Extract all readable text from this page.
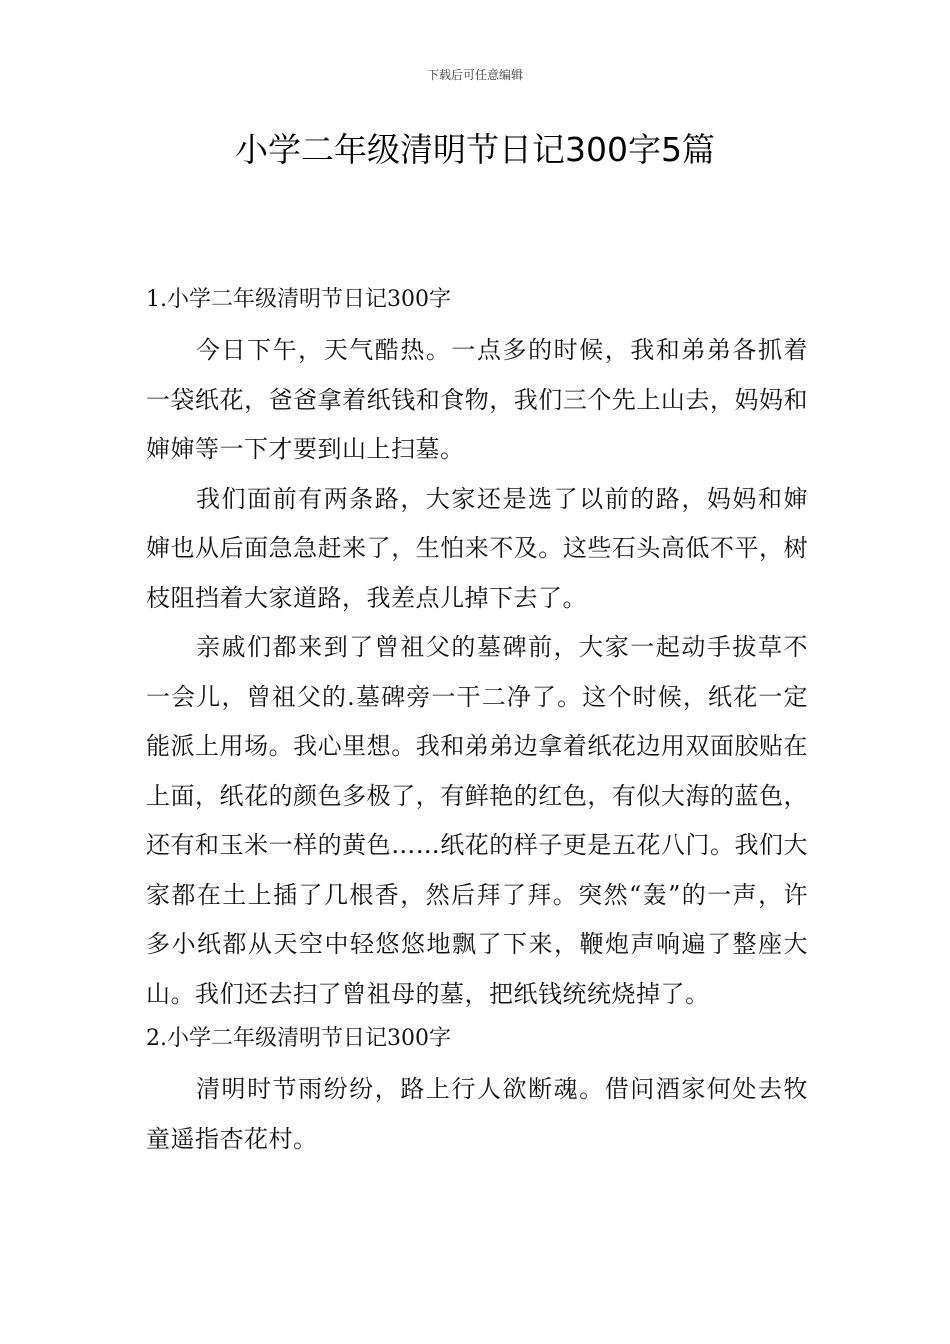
下载后可任意编辑
小学二年级清明节日记300字5篇
1.小学二年级清明节日记300字

今日下午，天气酷热。一点多的时候，我和弟弟各抓着一袋纸花，爸爸拿着纸钱和食物，我们三个先上山去，妈妈和婶婶等一下才要到山上扫墓。

我们面前有两条路，大家还是选了以前的路，妈妈和婶婶也从后面急急赶来了，生怕来不及。这些石头高低不平，树枝阻挡着大家道路，我差点儿掉下去了。

亲戚们都来到了曾祖父的墓碑前，大家一起动手拔草不一会儿，曾祖父的.墓碑旁一干二净了。这个时候，纸花一定能派上用场。我心里想。我和弟弟边拿着纸花边用双面胶贴在上面，纸花的颜色多极了，有鲜艳的红色，有似大海的蓝色，还有和玉米一样的黄色……纸花的样子更是五花八门。我们大家都在土上插了几根香，然后拜了拜。突然“轰”的一声，许多小纸都从天空中轻悠悠地飘了下来，鞭炮声响遍了整座大山。我们还去扫了曾祖母的墓，把纸钱统统烧掉了。

2.小学二年级清明节日记300字

清明时节雨纷纷，路上行人欲断魂。借问酒家何处去牧童遥指杏花村。
